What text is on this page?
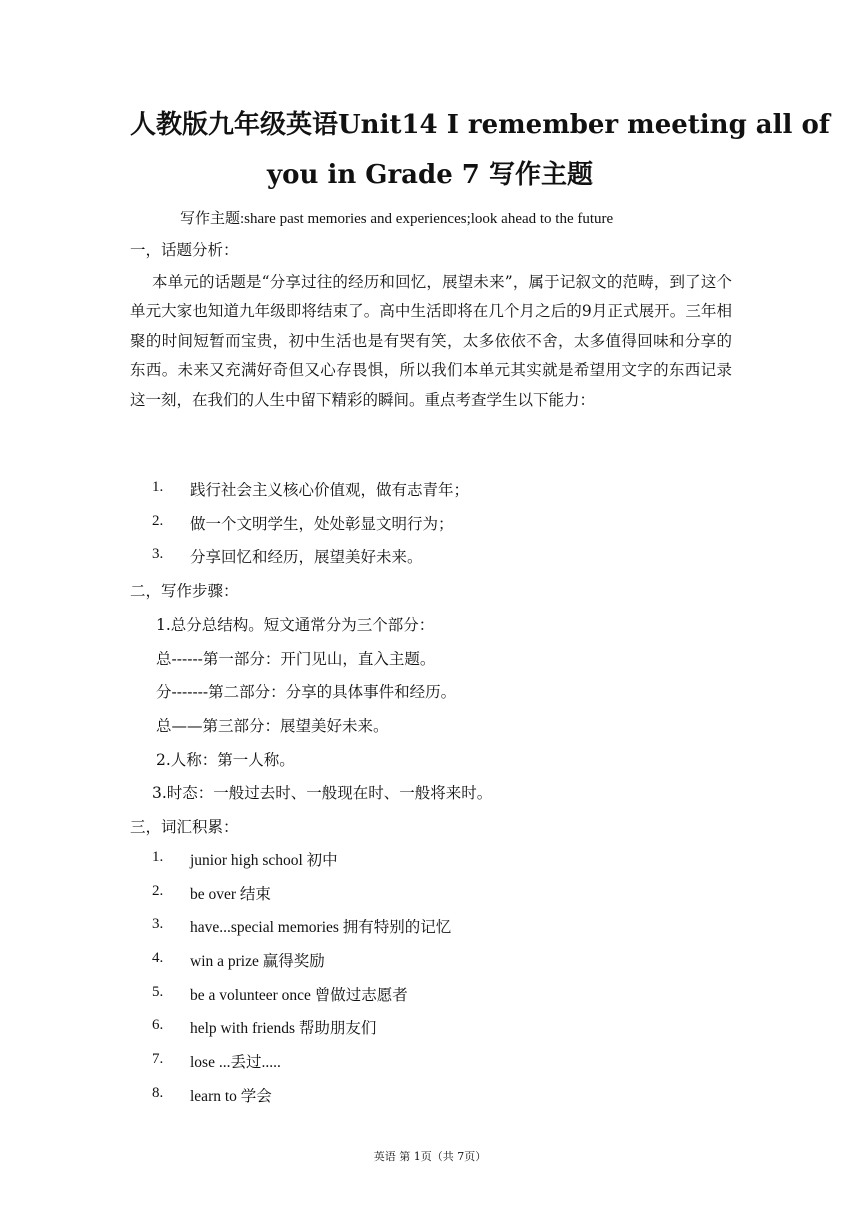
人教版九年级英语Unit14 I remember meeting all of
you in Grade 7 写作主题
写作主题:share past memories and experiences;look ahead to the future
一，话题分析：
本单元的话题是“分享过往的经历和回忆，展望未来”，属于记叙文的范畴，到了这个单元大家也知道九年级即将结束了。高中生活即将在几个月之后的9月正式展开。三年相聚的时间短暂而宝贵，初中生活也是有哭有笑，太多依依不舍，太多值得回味和分享的东西。未来又充满好奇但又心存畏惧，所以我们本单元其实就是希望用文字的东西记录这一刻，在我们的人生中留下精彩的瞬间。重点考查学生以下能力：
1. 践行社会主义核心价值观，做有志青年；
2. 做一个文明学生，处处彰显文明行为；
3. 分享回忆和经历，展望美好未来。
二，写作步骤：
1.总分总结构。短文通常分为三个部分：
总------第一部分：开门见山，直入主题。
分-------第二部分：分享的具体事件和经历。
总——第三部分：展望美好未来。
2.人称：第一人称。
3.时态：一般过去时、一般现在时、一般将来时。
三，词汇积累：
1. junior high school 初中
2. be over 结束
3. have...special memories 拥有特别的记忆
4. win a prize 赢得奖励
5. be a volunteer once 曾做过志愿者
6. help with friends 帮助朋友们
7. lose ...丢过.....
8. learn to 学会
英语 第 1页（共 7页）
